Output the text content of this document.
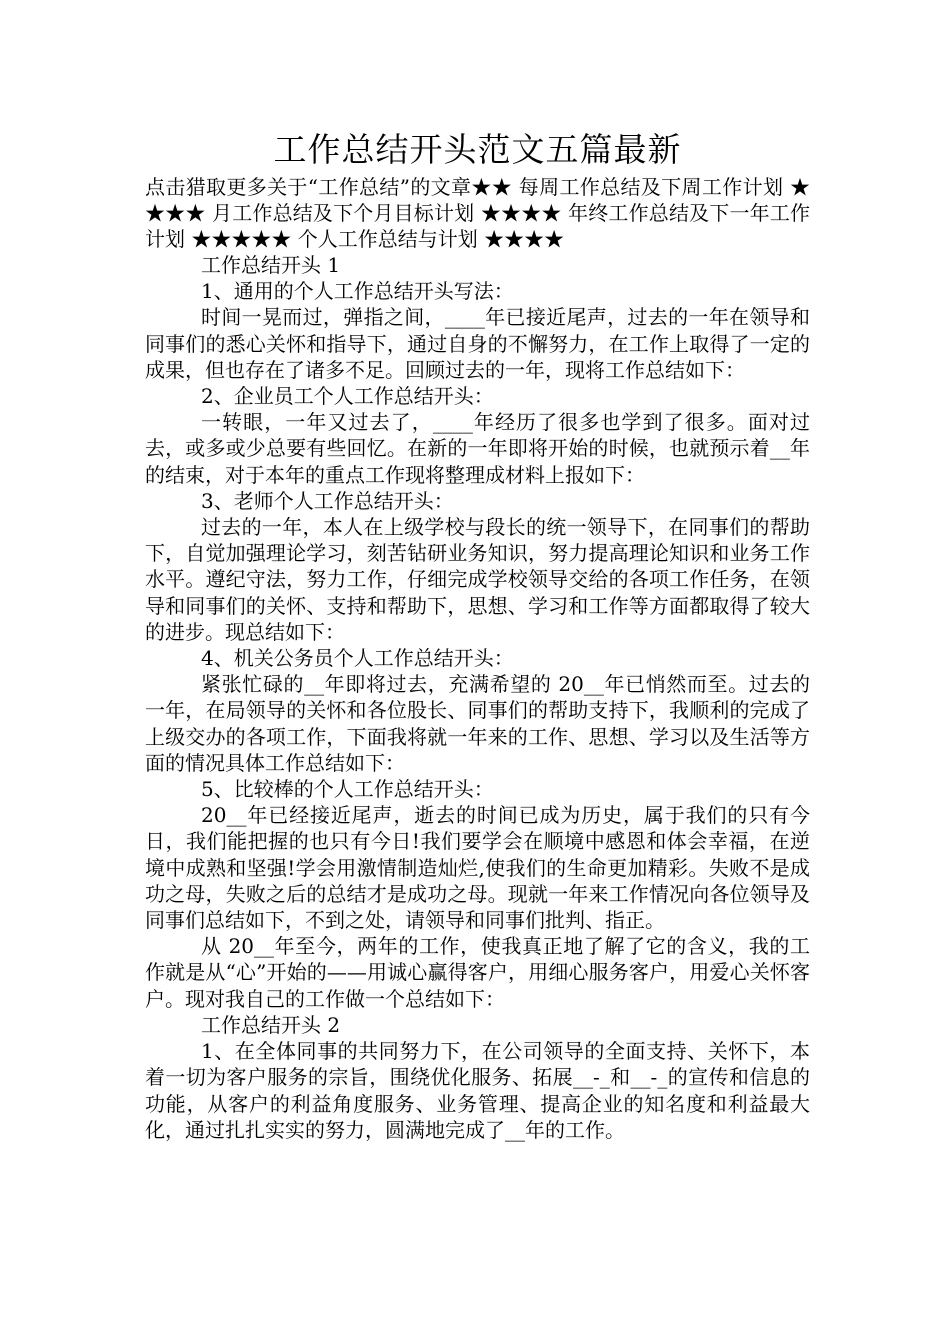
工作总结开头范文五篇最新

点击猎取更多关于“工作总结”的文章★★ 每周工作总结及下周工作计划 ★★★★ 月工作总结及下个月目标计划 ★★★★ 年终工作总结及下一年工作计划 ★★★★★ 个人工作总结与计划 ★★★★

工作总结开头 1

1、通用的个人工作总结开头写法：

时间一晃而过，弹指之间，____年已接近尾声，过去的一年在领导和同事们的悉心关怀和指导下，通过自身的不懈努力，在工作上取得了一定的成果，但也存在了诸多不足。回顾过去的一年，现将工作总结如下：

2、企业员工个人工作总结开头：

一转眼，一年又过去了，____年经历了很多也学到了很多。面对过去，或多或少总要有些回忆。在新的一年即将开始的时候，也就预示着__年的结束，对于本年的重点工作现将整理成材料上报如下：

3、老师个人工作总结开头：

过去的一年，本人在上级学校与段长的统一领导下，在同事们的帮助下，自觉加强理论学习，刻苦钻研业务知识，努力提高理论知识和业务工作水平。遵纪守法，努力工作，仔细完成学校领导交给的各项工作任务，在领导和同事们的关怀、支持和帮助下，思想、学习和工作等方面都取得了较大的进步。现总结如下：

4、机关公务员个人工作总结开头：

紧张忙碌的__年即将过去，充满希望的 20__年已悄然而至。过去的一年，在局领导的关怀和各位股长、同事们的帮助支持下，我顺利的完成了上级交办的各项工作，下面我将就一年来的工作、思想、学习以及生活等方面的情况具体工作总结如下：

5、比较棒的个人工作总结开头：

20__年已经接近尾声，逝去的时间已成为历史，属于我们的只有今日，我们能把握的也只有今日!我们要学会在顺境中感恩和体会幸福，在逆境中成熟和坚强!学会用激情制造灿烂,使我们的生命更加精彩。失败不是成功之母，失败之后的总结才是成功之母。现就一年来工作情况向各位领导及同事们总结如下，不到之处，请领导和同事们批判、指正。

从 20__年至今，两年的工作，使我真正地了解了它的含义，我的工作就是从“心”开始的——用诚心赢得客户，用细心服务客户，用爱心关怀客户。现对我自己的工作做一个总结如下：

工作总结开头 2

1、在全体同事的共同努力下，在公司领导的全面支持、关怀下，本着一切为客户服务的宗旨，围绕优化服务、拓展__-_和__-_的宣传和信息的功能，从客户的利益角度服务、业务管理、提高企业的知名度和利益最大化，通过扎扎实实的努力，圆满地完成了__年的工作。
